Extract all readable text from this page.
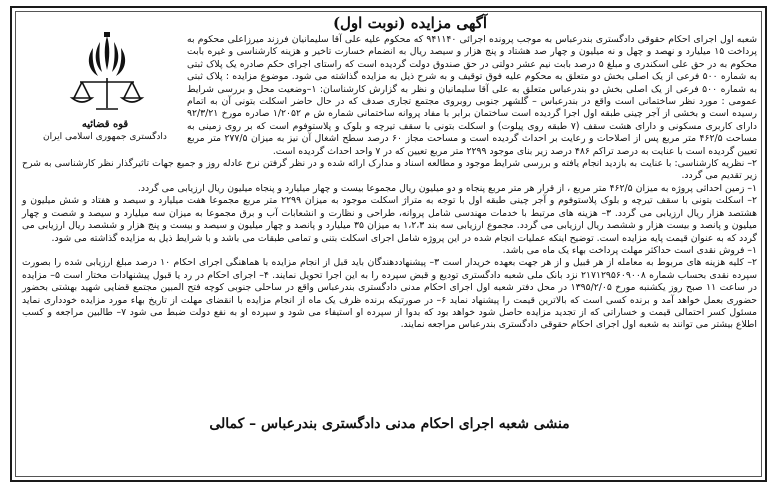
آگهی مزایده (نوبت اول)
قوه قضائیه
دادگستری جمهوری اسلامی ایران

شعبه اول اجرای احکام حقوقی دادگستری بندرعباس به موجب پرونده اجرائی ۹۴۱۱۴۰ که محکوم علیه علی آقا سلیمانیان فرزند میرزاعلی محکوم به پرداخت ۱۵ میلیارد و نهصد و چهل و نه میلیون و چهار صد هشتاد و پنج هزار و سیصد ریال به انضمام خسارت تاخیر و هزینه کارشناسی و غیره بابت محکوم به در حق علی اسکندری و مبلغ ۵ درصد بابت نیم عشر دولتی در حق صندوق دولت گردیده است که راستای اجرای حکم صادره یک پلاک ثبتی به شماره ۵۰۰ فرعی از یک اصلی بخش دو متعلق به محکوم علیه فوق توقیف و به شرح ذیل به مزایده گذاشته می شود. موضوع مزایده : پلاک ثبتی به شماره ۵۰۰ فرعی از یک اصلی بخش دو بندرعباس متعلق به علی آقا سلیمانیان و نظر به گزارش کارشناسان: ۱–وضعیت محل و بررسی شرایط عمومی : مورد نظر ساختمانی است واقع در بندرعباس – گلشهر جنوبی روبروی مجتمع تجاری صدف که در حال حاضر اسکلت بتونی آن به اتمام رسیده است و بخشی از آجر چینی طبقه اول اجرا گردیده است ساختمان برابر با مفاد پروانه ساختمانی شماره ش م ۱/۲۰۵۲ صادره مورخ ۹۲/۳/۲۱ دارای کاربری مسکونی و دارای هشت سقف (۷ طبقه روی پیلوت) و اسکلت بتونی با سقف تیرچه و بلوک و پلاستوفوم است که بر روی زمینی به مساحت ۴۶۲/۵ متر مربع پس از اصلاحات و رعایت بر احداث گردیده است و مساحت مجاز ۶۰ درصد سطح اشغال آن نیز به میزان ۲۷۷/۵ متر مربع تعیین گردیده است با عنایت به درصد تراکم ۴۸۶ درصد زیر بنای موجود ۲۲۹۹ متر مربع تعیین که در ۷ واحد احداث گردیده است.

۲– نظریه کارشناسی: با عنایت به بازدید انجام یافته و بررسی شرایط موجود و مطالعه اسناد و مدارک ارائه شده و در نظر گرفتن نرخ عادله روز و جمیع جهات تاثیرگذار نظر کارشناسی به شرح زیر تقدیم می گردد.

۱– زمین احداثی پروژه به میزان ۴۶۲/۵ متر مربع ، از قرار هر متر مربع پنجاه و دو میلیون ریال مجموعا بیست و چهار میلیارد و پنجاه میلیون ریال ارزیابی می گردد.

۲– اسکلت بتونی با سقف تیرچه و بلوک پلاستوفوم و آجر چینی طبقه اول با توجه به متراژ اسکلت موجود به میزان ۲۲۹۹ متر مربع مجموعا هفت میلیارد و سیصد و هفتاد و شش میلیون و هشتصد هزار ریال ارزیابی می گردد. ۳– هزینه های مرتبط با خدمات مهندسی شامل پروانه، طراحی و نظارت و انشعابات آب و برق مجموعا به میزان سه میلیارد و سیصد و شصت و چهار میلیون و پانصد و بیست هزار و ششصد ریال ارزیابی می گردد. مجموع ارزیابی سه بند ۱،۲،۳ به میزان ۳۵ میلیارد و پانصد و چهار میلیون و سیصد و بیست و پنج هزار و ششصد ریال ارزیابی می گردد که به عنوان قیمت پایه مزایده است. توضیح اینکه عملیات انجام شده در این پروژه شامل اجرای اسکلت بتنی و تمامی طبقات می باشد و با شرایط ذیل به مزایده گذاشته می شود.

۱– فروش نقدی است حداکثر مهلت پرداخت بهاء یک ماه می باشد.

۲– کلیه هزینه های مربوط به معامله از هر قبیل و از هر جهت بعهده خریدار است ۳– پیشنهاددهندگان باید قبل از انجام مزایده با هماهنگی اجرای احکام ۱۰ درصد مبلغ ارزیابی شده را بصورت سپرده نقدی بحساب شماره ۲۱۷۱۲۹۵۶۰۹۰۰۸ نزد بانک ملی شعبه دادگستری تودیع و قبض سپرده را به این اجرا تحویل نمایند. ۴– اجرای احکام در رد یا قبول پیشنهادات مختار است ۵– مزایده در ساعت ۱۱ صبح روز یکشنبه مورخ ۱۳۹۵/۲/۰۵ در محل دفتر شعبه اول اجرای احکام مدنی دادگستری بندرعباس واقع در ساحلی جنوبی کوچه فتح المبین مجتمع قضایی شهید بهشتی بحضور حضوری بعمل خواهد آمد و برنده کسی است که بالاترین قیمت را پیشنهاد نماید ۶– در صورتیکه برنده ظرف یک ماه از انجام مزایده با انقضای مهلت از تاریخ بهاء مورد مزایده خودداری نماید مسئول کسر احتمالی قیمت و خساراتی که از تجدید مزایده حاصل شود خواهد بود که بدوا از سپرده او استیفاء می شود و سپرده او به نفع دولت ضبط می شود ۷– طالبین مراجعه و کسب اطلاع بیشتر می توانند به شعبه اول اجرای احکام حقوقی دادگستری بندرعباس مراجعه نمایند.

منشی شعبه اجرای احکام مدنی دادگستری بندرعباس – کمالی
